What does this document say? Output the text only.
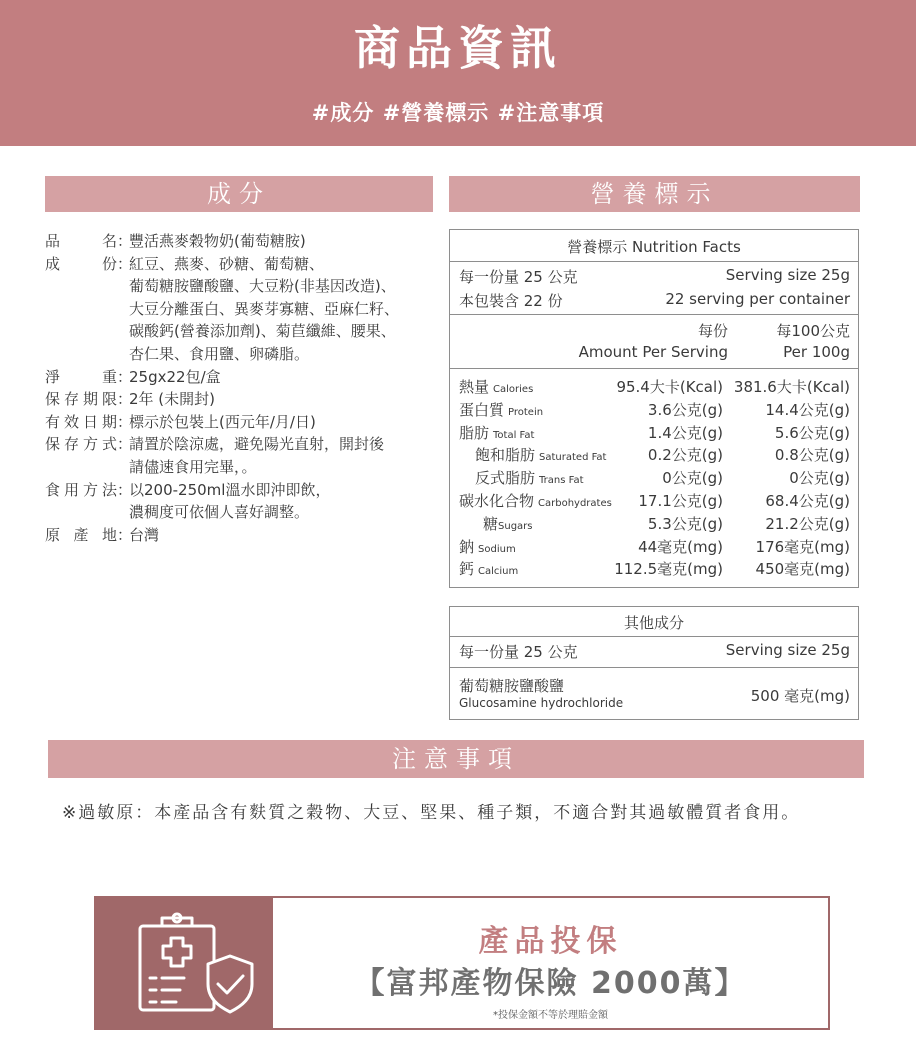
商品資訊
#成分 #營養標示 #注意事項
成分	營養標示
品	名 ：
豐活燕麥穀物奶(葡萄糖胺)
成	份 ：
紅豆、燕麥、砂糖、葡萄糖、
葡萄糖胺鹽酸鹽、大豆粉(非基因改造)、
大豆分離蛋白、異麥芽寡糖、亞麻仁籽、
碳酸鈣(營養添加劑)、菊苣纖維、腰果、
杏仁果、食用鹽、卵磷脂。
淨	重 ：
25gx22包/盒
保 存 期 限 ：
2年 (未開封)
有 效 日 期 ：
標示於包裝上(西元年/月/日)
保 存 方 式 ：
請置於陰涼處，避免陽光直射，開封後
請儘速食用完畢，。
食 用 方 法 ：
以200-250ml溫水即沖即飲，
濃稠度可依個人喜好調整。
原 產 地 ：
台灣
營養標示 Nutrition Facts
每一份量 25 公克	Serving size 25g
本包裝含 22 份	22 serving per container
每份	每100公克
Amount Per Serving	Per 100g
熱量 Calories	95.4大卡(Kcal) 381.6大卡(Kcal)
蛋白質 Protein	3.6公克(g)	14.4公克(g)
脂肪 Total Fat	1.4公克(g)	5.6公克(g)
飽和脂肪 Saturated Fat	0.2公克(g)	0.8公克(g)
反式脂肪 Trans Fat	0公克(g)	0公克(g)
碳水化合物 Carbohydrates 17.1公克(g)	68.4公克(g)
糖Sugars	5.3公克(g)	21.2公克(g)
鈉 Sodium	44毫克(mg) 176毫克(mg)
鈣 Calcium	112.5毫克(mg) 450毫克(mg)
其他成分
每一份量 25 公克	Serving size 25g
葡萄糖胺鹽酸鹽
Glucosamine hydrochloride	500 毫克(mg)
注意事項
※過敏原：本產品含有麩質之穀物、大豆、堅果、種子類，不適合對其過敏體質者食用。
產品投保
【富邦產物保險 2000萬】
*投保金額不等於理賠金額
